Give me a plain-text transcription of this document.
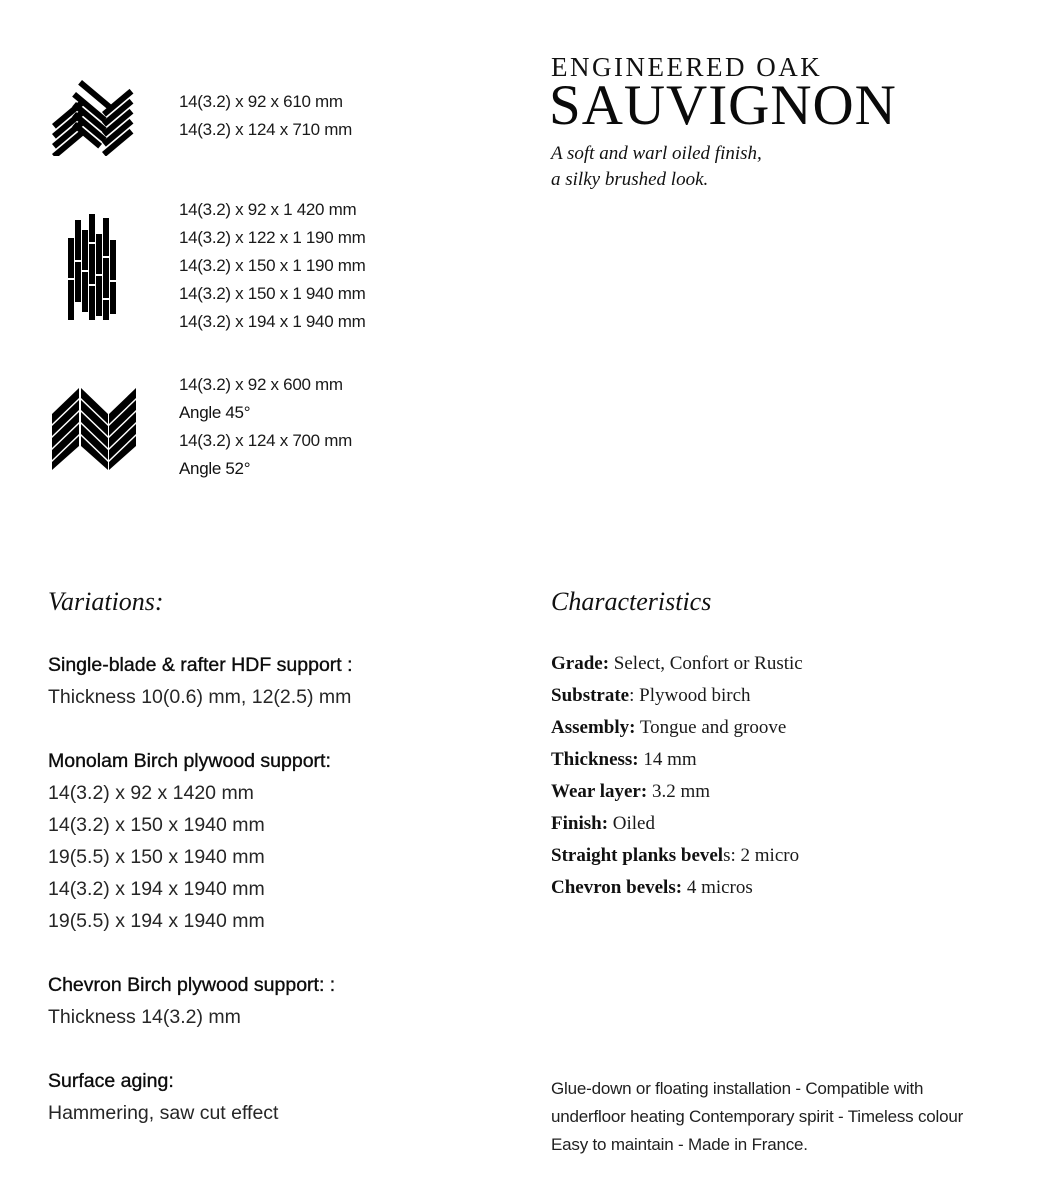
14(3.2) x 92 x 610 mm
14(3.2) x 124 x 710 mm
14(3.2) x 92 x 1 420 mm
14(3.2) x 122 x 1 190 mm
14(3.2) x 150 x 1 190 mm
14(3.2) x 150 x 1 940 mm
14(3.2) x 194 x 1 940 mm
14(3.2) x 92 x 600 mm
Angle 45°
14(3.2) x 124 x 700 mm
Angle 52°
ENGINEERED OAK
SAUVIGNON
A soft and warl oiled finish,
a silky brushed look.
Variations:
Single-blade & rafter HDF support :
Thickness 10(0.6) mm, 12(2.5) mm
Monolam Birch plywood support:
14(3.2) x 92 x 1420 mm
14(3.2) x 150 x 1940 mm
19(5.5) x 150 x 1940 mm
14(3.2) x 194 x 1940 mm
19(5.5) x 194 x 1940 mm
Chevron Birch plywood support: :
Thickness 14(3.2) mm
Surface aging:
Hammering, saw cut effect
Characteristics
Grade: Select, Confort or Rustic
Substrate: Plywood birch
Assembly: Tongue and groove
Thickness: 14 mm
Wear layer: 3.2 mm
Finish: Oiled
Straight planks bevels: 2 micro
Chevron bevels: 4 micros
Glue-down or floating installation - Compatible with underfloor heating Contemporary spirit - Timeless colour Easy to maintain - Made in France.
